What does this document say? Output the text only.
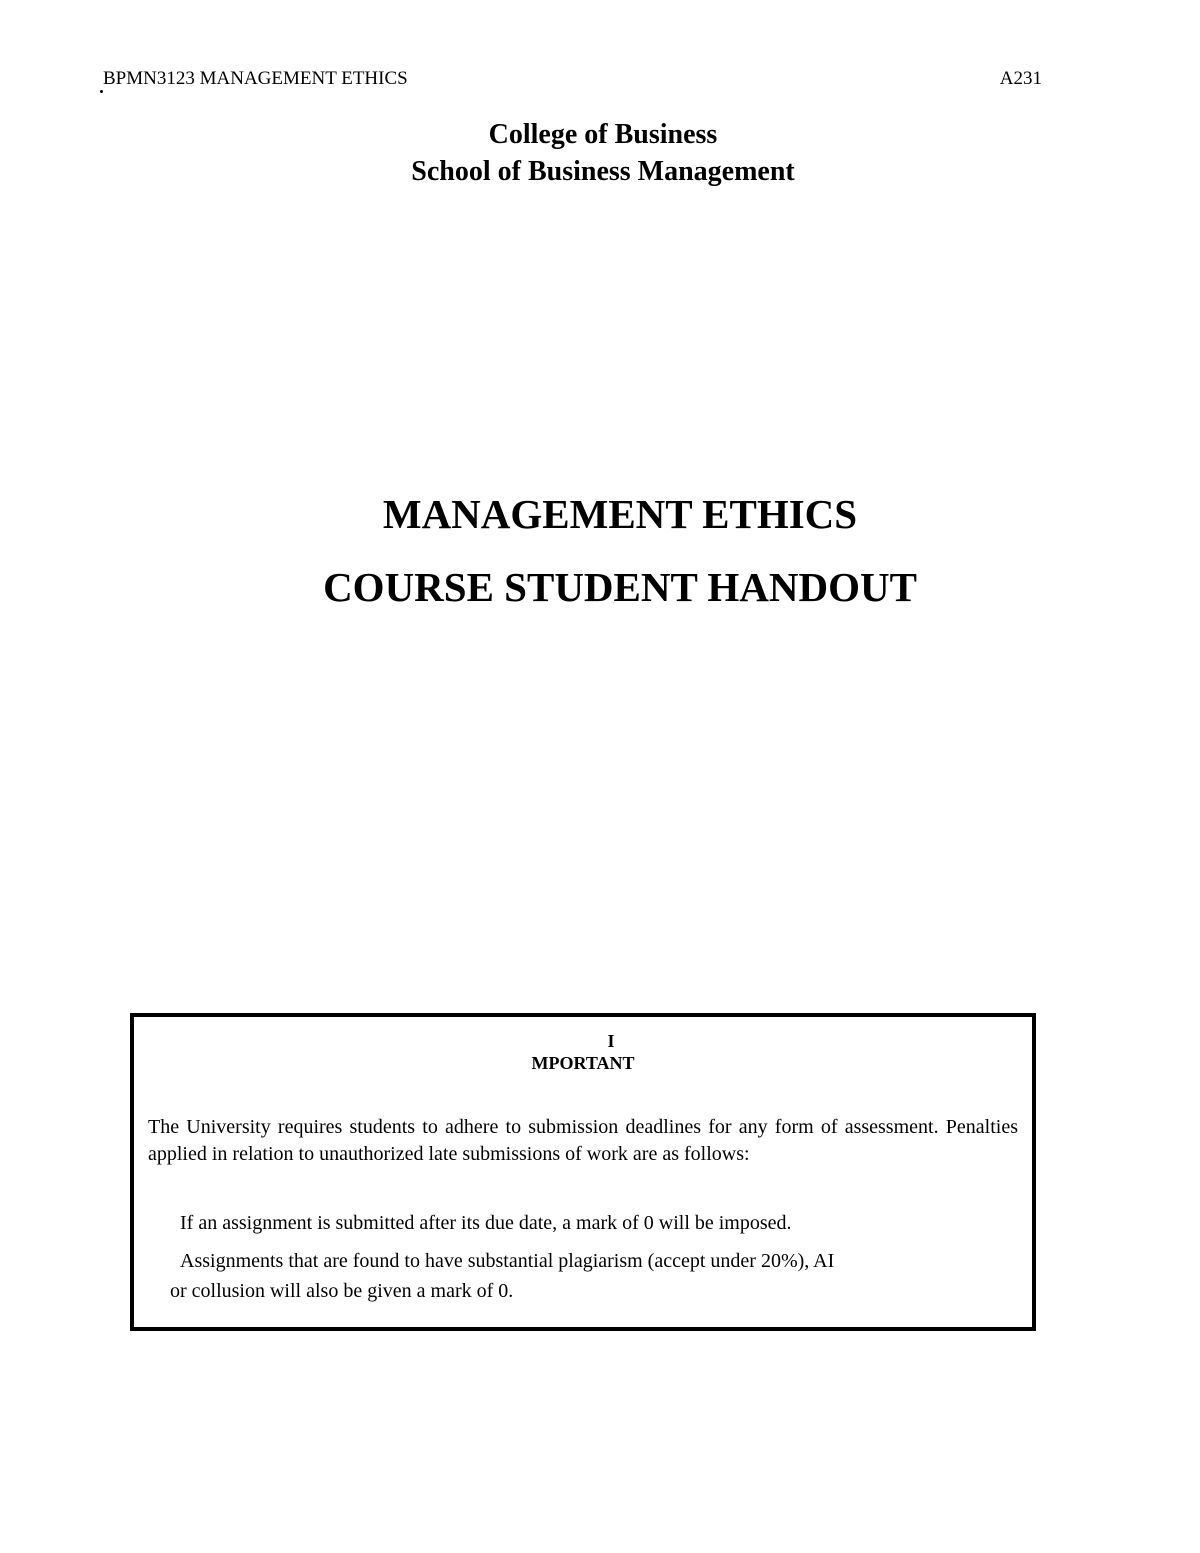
BPMN3123 MANAGEMENT ETHICS	A231
College of Business
School of Business Management
MANAGEMENT ETHICS
COURSE STUDENT HANDOUT
I
MPORTANT

The University requires students to adhere to submission deadlines for any form of assessment. Penalties applied in relation to unauthorized late submissions of work are as follows:

If an assignment is submitted after its due date, a mark of 0 will be imposed.

Assignments that are found to have substantial plagiarism (accept under 20%), AI
or collusion will also be given a mark of 0.
